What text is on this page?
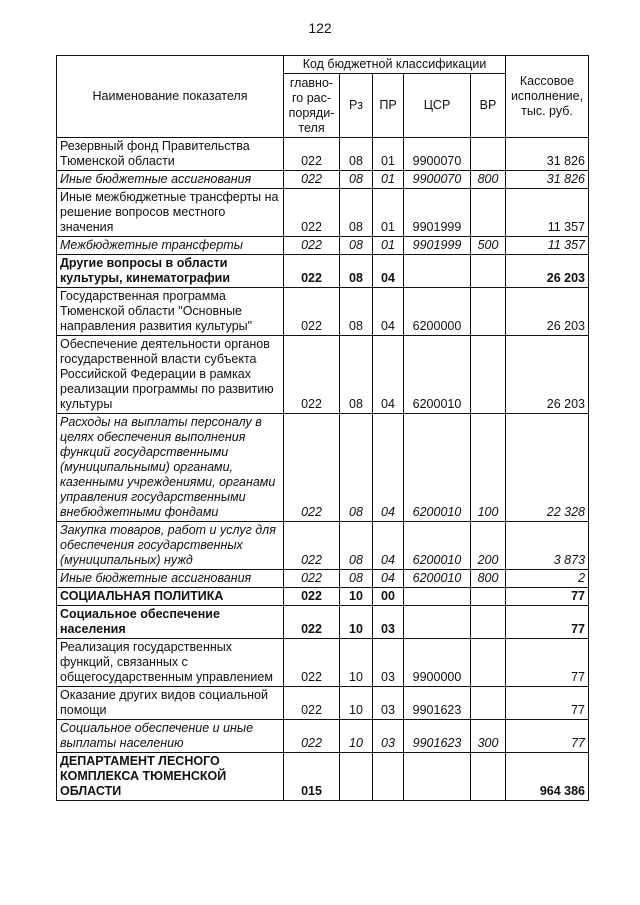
122
Наименование показателя	Код бюджетной классификации					Кассовое исполнение, тыс. руб.
	главно-го рас-поряди-теля	Рз	ПР	ЦСР	ВР	
Резервный фонд Правительства Тюменской области	022	08	01	9900070		31 826
Иные бюджетные ассигнования	022	08	01	9900070	800	31 826
Иные межбюджетные трансферты на решение вопросов местного значения	022	08	01	9901999		11 357
Межбюджетные трансферты	022	08	01	9901999	500	11 357
Другие вопросы в области культуры, кинематографии	022	08	04			26 203
Государственная программа Тюменской области "Основные направления развития культуры"	022	08	04	6200000		26 203
Обеспечение деятельности органов государственной власти субъекта Российской Федерации в рамках реализации программы по развитию культуры	022	08	04	6200010		26 203
Расходы на выплаты персоналу в целях обеспечения выполнения функций государственными (муниципальными) органами, казенными учреждениями, органами управления государственными внебюджетными фондами	022	08	04	6200010	100	22 328
Закупка товаров, работ и услуг для обеспечения государственных (муниципальных) нужд	022	08	04	6200010	200	3 873
Иные бюджетные ассигнования	022	08	04	6200010	800	2
СОЦИАЛЬНАЯ ПОЛИТИКА	022	10	00			77
Социальное обеспечение населения	022	10	03			77
Реализация государственных функций, связанных с общегосударственным управлением	022	10	03	9900000		77
Оказание других видов социальной помощи	022	10	03	9901623		77
Социальное обеспечение и иные выплаты населению	022	10	03	9901623	300	77
ДЕПАРТАМЕНТ ЛЕСНОГО КОМПЛЕКСА ТЮМЕНСКОЙ ОБЛАСТИ	015					964 386
